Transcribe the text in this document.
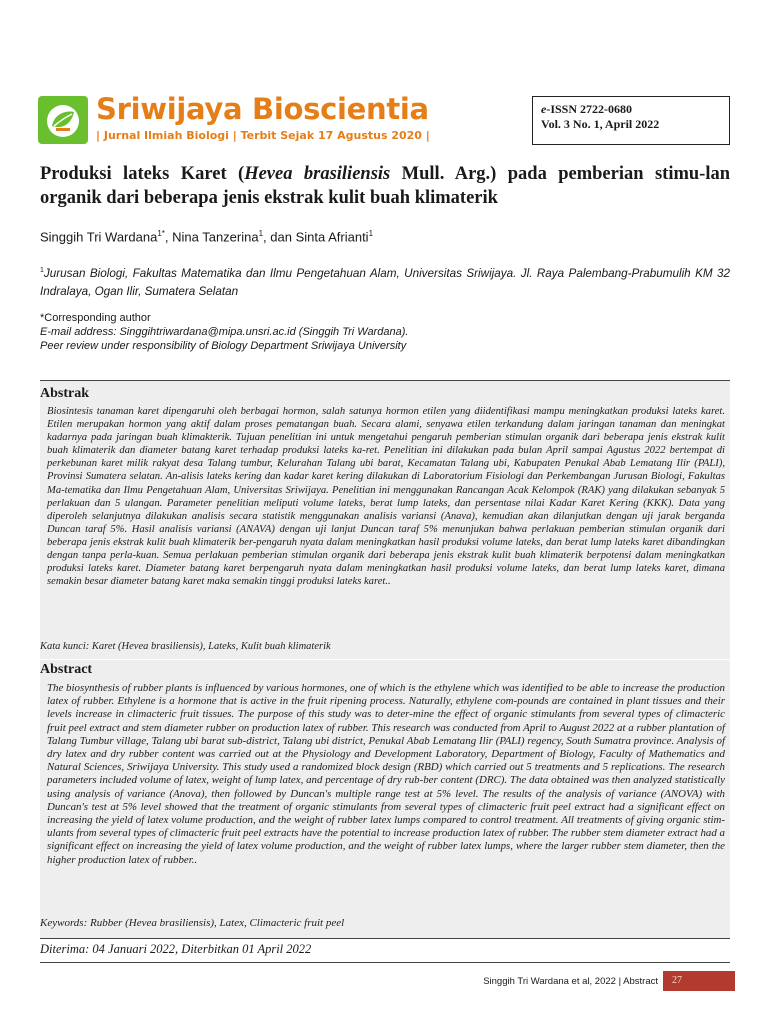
Sriwijaya Bioscientia
| Jurnal Ilmiah Biologi | Terbit Sejak 17 Agustus 2020 |
e-ISSN 2722-0680
Vol. 3 No. 1, April 2022
Produksi lateks Karet (Hevea brasiliensis Mull. Arg.) pada pemberian stimu-lan organik dari beberapa jenis ekstrak kulit buah klimaterik
Singgih Tri Wardana$^{1*}$, Nina Tanzerina$^1$, dan Sinta Afrianti$^1$
$^1$Jurusan Biologi, Fakultas Matematika dan Ilmu Pengetahuan Alam, Universitas Sriwijaya. Jl. Raya Palembang-Prabumulih KM 32 Indralaya, Ogan Ilir, Sumatera Selatan
*Corresponding author
E-mail address: Singgihtriwardana@mipa.unsri.ac.id (Singgih Tri Wardana).
Peer review under responsibility of Biology Department Sriwijaya University
Abstrak
Biosintesis tanaman karet dipengaruhi oleh berbagai hormon, salah satunya hormon etilen yang diidentifikasi mampu meningkatkan produksi lateks karet. Etilen merupakan hormon yang aktif dalam proses pematangan buah. Secara alami, senyawa etilen terkandung dalam jaringan tanaman dan meningkat kadarnya pada jaringan buah klimakterik. Tujuan penelitian ini untuk mengetahui pengaruh pemberian stimulan organik dari beberapa jenis ekstrak kulit buah klimaterik dan diameter batang karet terhadap produksi lateks ka-ret. Penelitian ini dilakukan pada bulan April sampai Agustus 2022 bertempat di perkebunan karet milik rakyat desa Talang tumbur, Kelurahan Talang ubi barat, Kecamatan Talang ubi, Kabupaten Penukal Abab Lematang Ilir (PALI), Provinsi Sumatera selatan. An-alisis lateks kering dan kadar karet kering dilakukan di Laboratorium Fisiologi dan Perkembangan Jurusan Biologi, Fakultas Ma-tematika dan Ilmu Pengetahuan Alam, Universitas Sriwijaya. Penelitian ini menggunakan Rancangan Acak Kelompok (RAK) yang dilakukan sebanyak 5 perlakuan dan 5 ulangan. Parameter penelitian meliputi volume lateks, berat lump lateks, dan persentase nilai Kadar Karet Kering (KKK). Data yang diperoleh selanjutnya dilakukan analisis secara statistik menggunakan analisis variansi (Anava), kemudian akan dilanjutkan dengan uji jarak berganda Duncan taraf 5%. Hasil analisis variansi (ANAVA) dengan uji lanjut Duncan taraf 5% menunjukan bahwa perlakuan pemberian stimulan organik dari beberapa jenis ekstrak kulit buah klimaterik ber-pengaruh nyata dalam meningkatkan hasil produksi volume lateks, dan berat lump lateks karet dibandingkan dengan tanpa perla-kuan. Semua perlakuan pemberian stimulan organik dari beberapa jenis ekstrak kulit buah klimaterik berpotensi dalam meningkatkan produksi lateks karet. Diameter batang karet berpengaruh nyata dalam meningkatkan hasil produksi volume lateks, dan berat lump lateks karet, dimana semakin besar diameter batang karet maka semakin tinggi produksi lateks karet..
Kata kunci: Karet (Hevea brasiliensis), Lateks, Kulit buah klimaterik
Abstract
The biosynthesis of rubber plants is influenced by various hormones, one of which is the ethylene which was identified to be able to increase the production latex of rubber. Ethylene is a hormone that is active in the fruit ripening process. Naturally, ethylene com-pounds are contained in plant tissues and their levels increase in climacteric fruit tissues. The purpose of this study was to deter-mine the effect of organic stimulants from several types of climacteric fruit peel extract and stem diameter rubber on production latex of rubber. This research was conducted from April to August 2022 at a rubber plantation of Talang Tumbur village, Talang ubi barat sub-district, Talang ubi district, Penukal Abab Lematang Ilir (PALI) regency, South Sumatra province. Analysis of dry latex and dry rubber content was carried out at the Physiology and Development Laboratory, Department of Biology, Faculty of Mathematics and Natural Sciences, Sriwijaya University. This study used a randomized block design (RBD) which carried out 5 treatments and 5 replications. The research parameters included volume of latex, weight of lump latex, and percentage of dry rub-ber content (DRC). The data obtained was then analyzed statistically using analysis of variance (Anova), then followed by Duncan's multiple range test at 5% level. The results of the analysis of variance (ANOVA) with Duncan's test at 5% level showed that the treatment of organic stimulants from several types of climacteric fruit peel extract had a significant effect on increasing the yield of latex volume production, and the weight of rubber latex lumps compared to control treatment. All treatments of giving organic stim-ulants from several types of climacteric fruit peel extracts have the potential to increase production latex of rubber. The rubber stem diameter extract had a significant effect on increasing the yield of latex volume production, and the weight of rubber latex lumps, where the larger rubber stem diameter, then the higher production latex of rubber..
Keywords: Rubber (Hevea brasiliensis), Latex, Climacteric fruit peel
Diterima: 04 Januari 2022, Diterbitkan 01 April 2022
Singgih Tri Wardana et al, 2022 | Abstract	27
